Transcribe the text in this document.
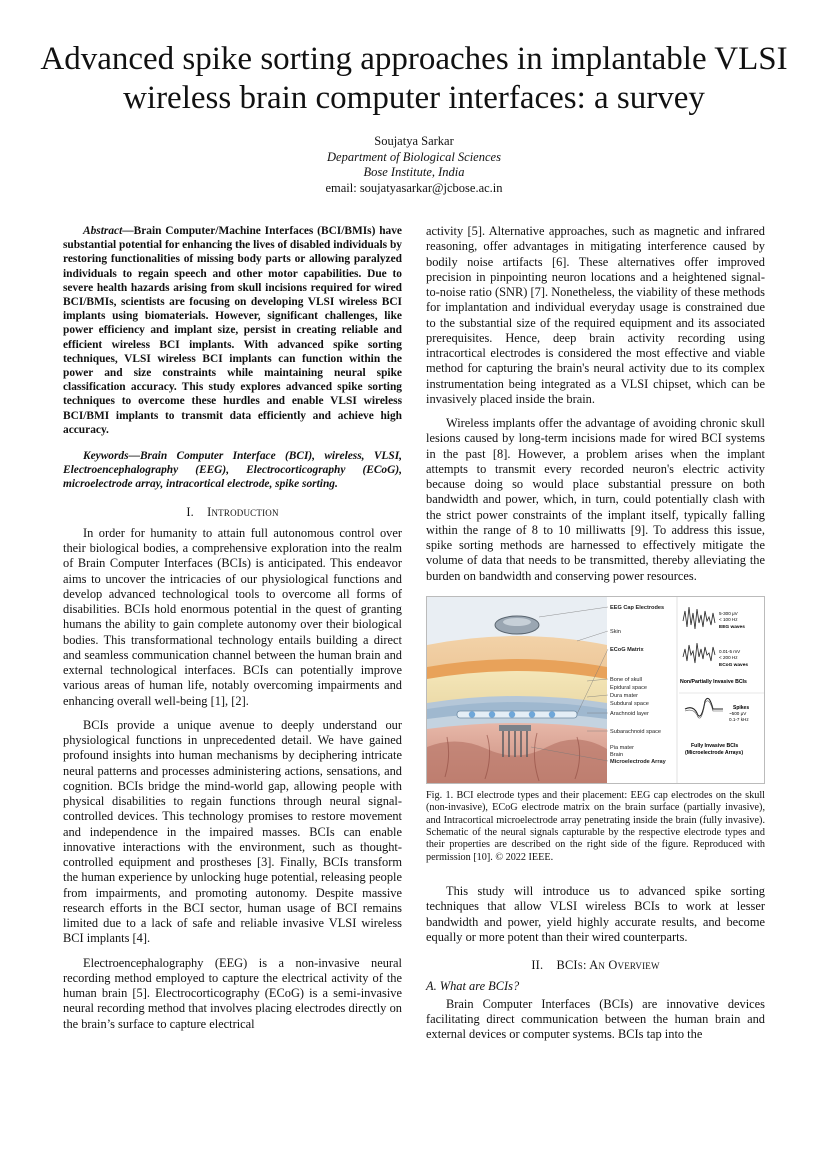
Advanced spike sorting approaches in implantable VLSI wireless brain computer interfaces: a survey
Soujatya Sarkar
Department of Biological Sciences
Bose Institute, India
email: soujatyasarkar@jcbose.ac.in

Abstract—Brain Computer/Machine Interfaces (BCI/BMIs) have substantial potential for enhancing the lives of disabled individuals by restoring functionalities of missing body parts or allowing paralyzed individuals to regain speech and other motor capabilities. Due to severe health hazards arising from skull incisions required for wired BCI/BMIs, scientists are focusing on developing VLSI wireless BCI implants using biomaterials. However, significant challenges, like power efficiency and implant size, persist in creating reliable and efficient wireless BCI implants. With advanced spike sorting techniques, VLSI wireless BCI implants can function within the power and size constraints while maintaining neural spike classification accuracy. This study explores advanced spike sorting techniques to overcome these hurdles and enable VLSI wireless BCI/BMI implants to transmit data efficiently and achieve high accuracy.

Keywords—Brain Computer Interface (BCI), wireless, VLSI, Electroencephalography (EEG), Electrocorticography (ECoG), microelectrode array, intracortical electrode, spike sorting.

I. Introduction

In order for humanity to attain full autonomous control over their biological bodies, a comprehensive exploration into the realm of Brain Computer Interfaces (BCIs) is anticipated. This endeavor aims to uncover the intricacies of our physiological functions and develop advanced technological tools to overcome all forms of disabilities. BCIs hold enormous potential in the quest of granting humans the ability to gain complete autonomy over their biological bodies. This transformational technology entails building a direct and seamless communication channel between the human brain and external technological interfaces. BCIs can potentially improve various areas of human life, notably overcoming impairments and enhancing overall well-being [1], [2].

BCIs provide a unique avenue to deeply understand our physiological functions in unprecedented detail. We have gained profound insights into human mechanisms by deciphering intricate neural patterns and processes administering actions, sensations, and cognition. BCIs bridge the mind-world gap, allowing people with physical disabilities to regain functions through neural signal-controlled devices. This technology promises to restore movement and independence in the impaired masses. BCIs can enable innovative interactions with the environment, such as thought-controlled equipment and prostheses [3]. Finally, BCIs transform the human experience by unlocking huge potential, releasing people from impairments, and promoting autonomy. Despite massive research efforts in the BCI sector, human usage of BCI remains limited due to a lack of safe and reliable invasive VLSI wireless BCI implants [4].

Electroencephalography (EEG) is a non-invasive neural recording method employed to capture the electrical activity of the human brain [5]. Electrocorticography (ECoG) is a semi-invasive neural recording method that involves placing electrodes directly on the brain’s surface to capture electrical

activity [5]. Alternative approaches, such as magnetic and infrared reasoning, offer advantages in mitigating interference caused by bodily noise artifacts [6]. These alternatives offer improved precision in pinpointing neuron locations and a heightened signal-to-noise ratio (SNR) [7]. Nonetheless, the viability of these methods for implantation and individual everyday usage is constrained due to the substantial size of the required equipment and its associated prerequisites. Hence, deep brain activity recording using intracortical electrodes is considered the most effective and viable method for capturing the brain's neural activity due to its complex instrumentation being integrated as a VLSI chipset, which can be invasively placed inside the brain.

Wireless implants offer the advantage of avoiding chronic skull lesions caused by long-term incisions made for wired BCI systems in the past [8]. However, a problem arises when the implant attempts to transmit every recorded neuron's electric activity because doing so would place substantial pressure on both bandwidth and power, which, in turn, could potentially clash with the strict power constraints of the implant itself, typically falling within the range of 8 to 10 milliwatts [9]. To address this issue, spike sorting methods are harnessed to effectively mitigate the volume of data that needs to be transmitted, thereby alleviating the burden on bandwidth and conserving power resources.

EEG Cap Electrodes
Skin
ECoG Matrix
Bone of skull
Epidural space
Dura mater
Subdural space
Arachnoid layer
Subarachnoid space
Pia mater
Brain
Microelectrode Array
5-300 μV
< 100 Hz
EEG waves
0.01-5 mV
< 200 Hz
ECoG waves
Non/Partially Invasive BCIs
Spikes
~500 μV
0.1-7 kHz
Fully Invasive BCIs
(Microelectrode Arrays)

Fig. 1. BCI electrode types and their placement: EEG cap electrodes on the skull (non-invasive), ECoG electrode matrix on the brain surface (partially invasive), and Intracortical microelectrode array penetrating inside the brain (fully invasive). Schematic of the neural signals capturable by the respective electrode types and their properties are described on the right side of the figure. Reproduced with permission [10]. © 2022 IEEE.

This study will introduce us to advanced spike sorting techniques that allow VLSI wireless BCIs to work at lesser bandwidth and power, yield highly accurate results, and become equally or more potent than their wired counterparts.

II. BCIs: An Overview
A. What are BCIs?

Brain Computer Interfaces (BCIs) are innovative devices facilitating direct communication between the human brain and external devices or computer systems. BCIs tap into the
